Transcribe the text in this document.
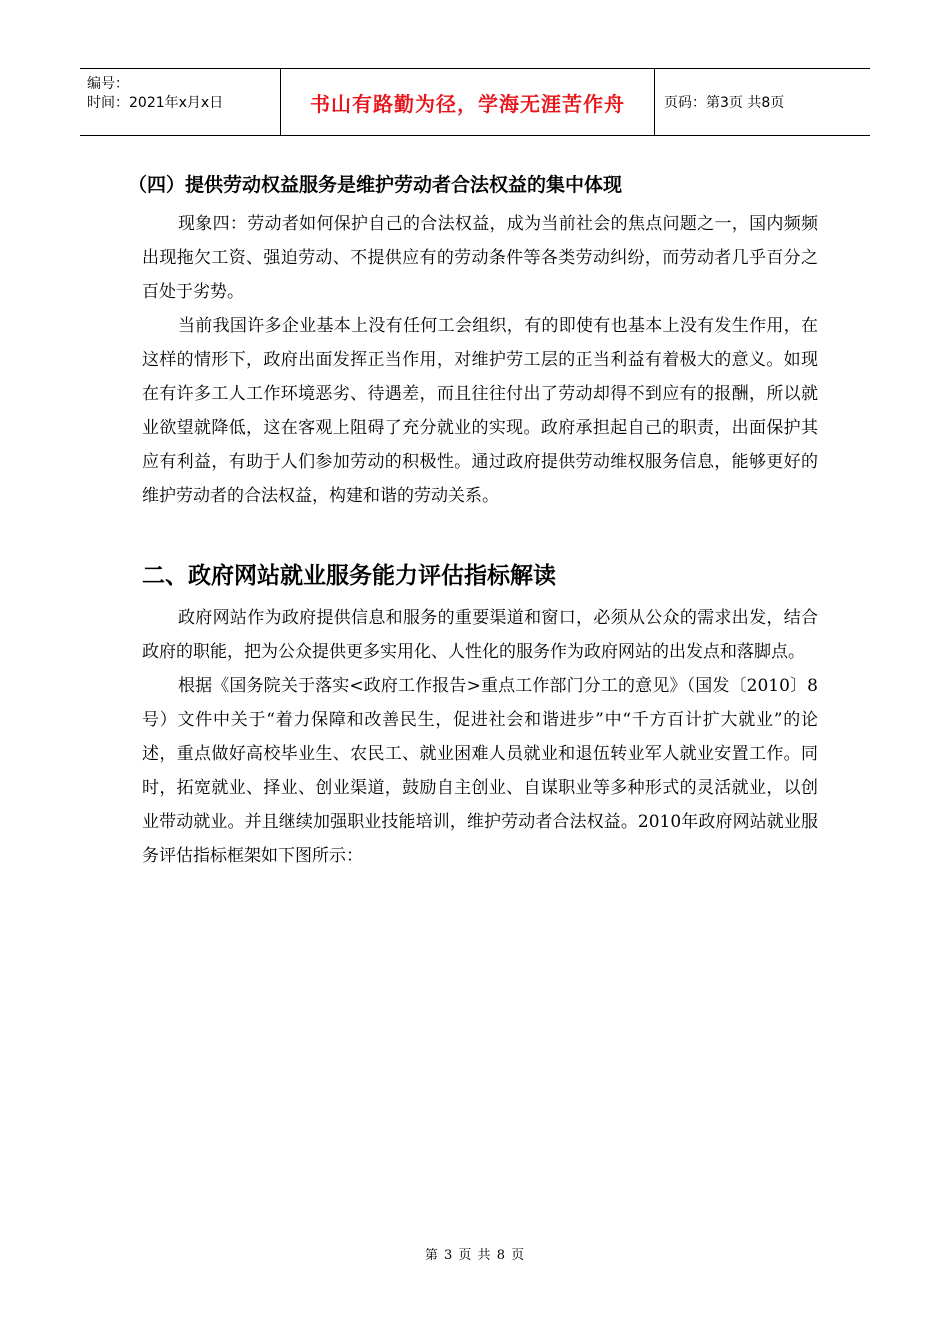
编号：
时间：2021年x月x日	书山有路勤为径，学海无涯苦作舟	页码：第3页 共8页
（四）提供劳动权益服务是维护劳动者合法权益的集中体现

现象四：劳动者如何保护自己的合法权益，成为当前社会的焦点问题之一，国内频频出现拖欠工资、强迫劳动、不提供应有的劳动条件等各类劳动纠纷，而劳动者几乎百分之百处于劣势。

当前我国许多企业基本上没有任何工会组织，有的即使有也基本上没有发生作用，在这样的情形下，政府出面发挥正当作用，对维护劳工层的正当利益有着极大的意义。如现在有许多工人工作环境恶劣、待遇差，而且往往付出了劳动却得不到应有的报酬，所以就业欲望就降低，这在客观上阻碍了充分就业的实现。政府承担起自己的职责，出面保护其应有利益，有助于人们参加劳动的积极性。通过政府提供劳动维权服务信息，能够更好的维护劳动者的合法权益，构建和谐的劳动关系。

二、政府网站就业服务能力评估指标解读

政府网站作为政府提供信息和服务的重要渠道和窗口，必须从公众的需求出发，结合政府的职能，把为公众提供更多实用化、人性化的服务作为政府网站的出发点和落脚点。

根据《国务院关于落实<政府工作报告>重点工作部门分工的意见》（国发〔2010〕8号）文件中关于“着力保障和改善民生，促进社会和谐进步”中“千方百计扩大就业”的论述，重点做好高校毕业生、农民工、就业困难人员就业和退伍转业军人就业安置工作。同时，拓宽就业、择业、创业渠道，鼓励自主创业、自谋职业等多种形式的灵活就业，以创业带动就业。并且继续加强职业技能培训，维护劳动者合法权益。2010年政府网站就业服务评估指标框架如下图所示：

第 3 页 共 8 页
